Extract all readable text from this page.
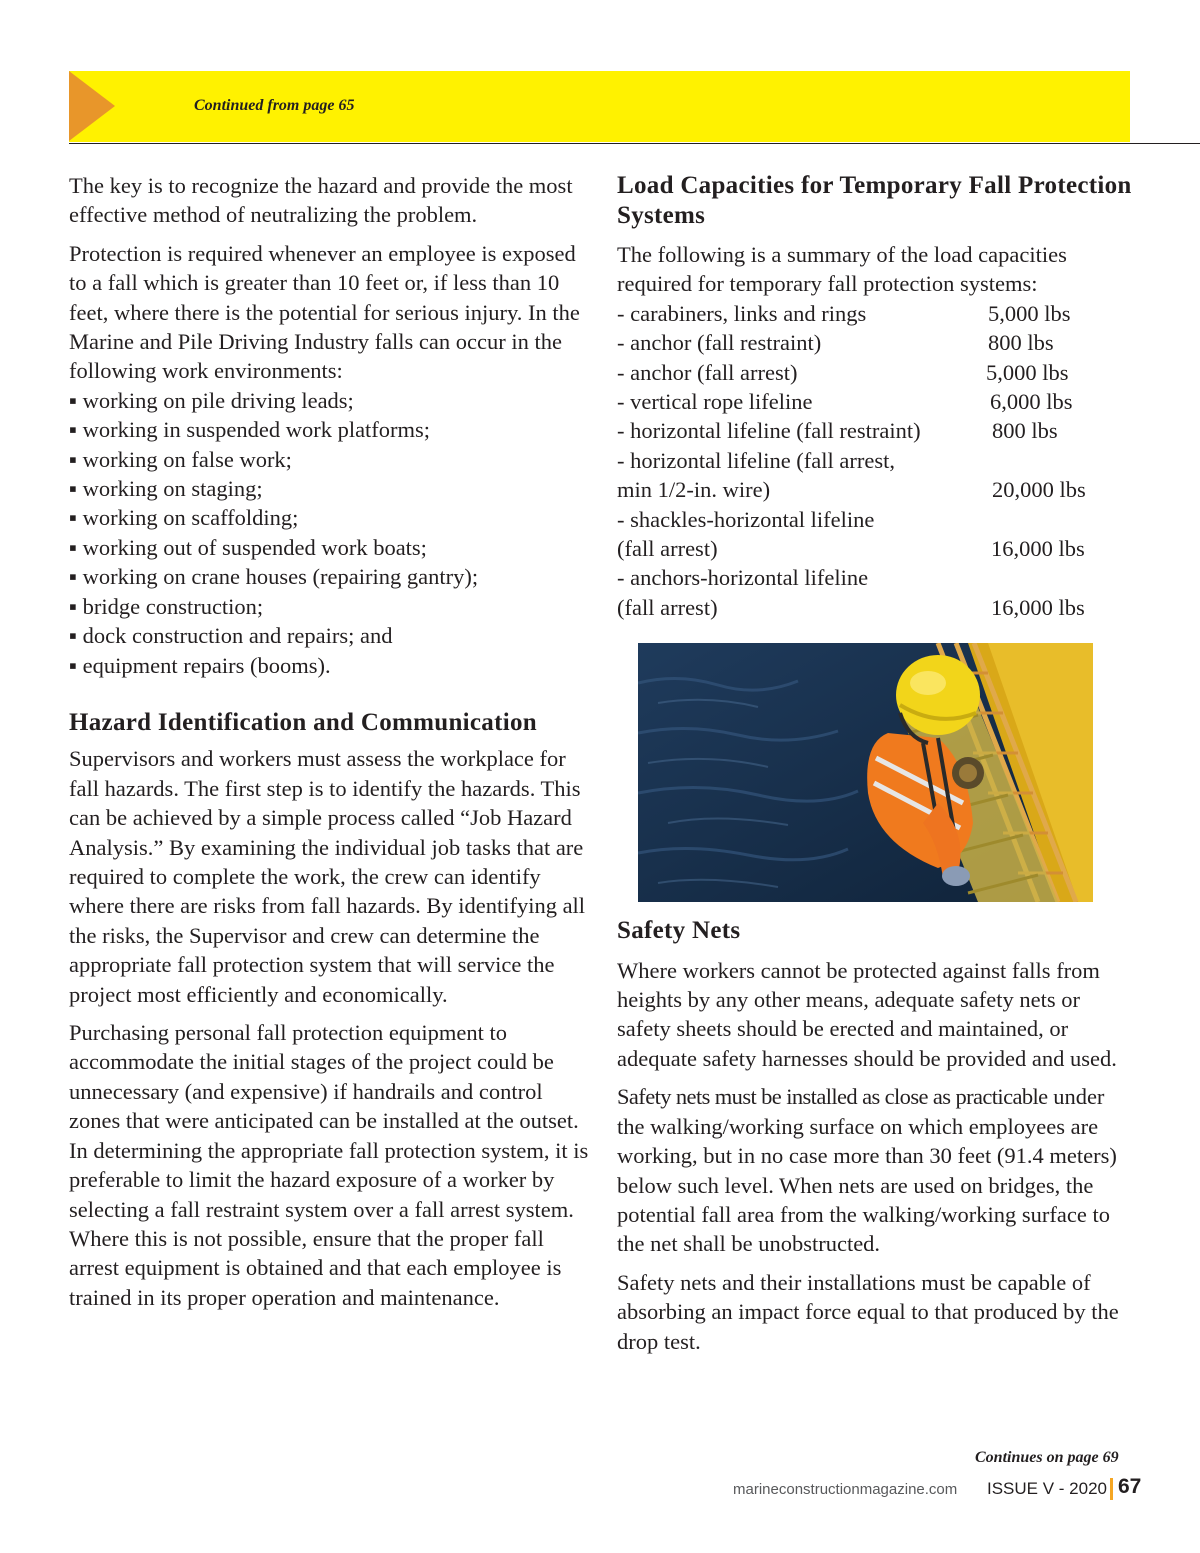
Continued from page 65

The key is to recognize the hazard and provide the most effective method of neutralizing the problem.

Protection is required whenever an employee is exposed to a fall which is greater than 10 feet or, if less than 10 feet, where there is the potential for serious injury. In the Marine and Pile Driving Industry falls can occur in the following work environments:

▪ working on pile driving leads;
▪ working in suspended work platforms;
▪ working on false work;
▪ working on staging;
▪ working on scaffolding;
▪ working out of suspended work boats;
▪ working on crane houses (repairing gantry);
▪ bridge construction;
▪ dock construction and repairs; and
▪ equipment repairs (booms).
Hazard Identification and Communication

Supervisors and workers must assess the workplace for fall hazards. The first step is to identify the hazards. This can be achieved by a simple process called “Job Hazard Analysis.” By examining the individual job tasks that are required to complete the work, the crew can identify where there are risks from fall hazards. By identifying all the risks, the Supervisor and crew can determine the appropriate fall protection system that will service the project most efficiently and economically.

Purchasing personal fall protection equipment to accommodate the initial stages of the project could be unnecessary (and expensive) if handrails and control zones that were anticipated can be installed at the outset. In determining the appropriate fall protection system, it is preferable to limit the hazard exposure of a worker by selecting a fall restraint system over a fall arrest system. Where this is not possible, ensure that the proper fall arrest equipment is obtained and that each employee is trained in its proper operation and maintenance.

Load Capacities for Temporary Fall Protection Systems

The following is a summary of the load capacities required for temporary fall protection systems:

- carabiners, links and rings	5,000 lbs
- anchor (fall restraint)	800 lbs
- anchor (fall arrest)	5,000 lbs
- vertical rope lifeline	6,000 lbs
- horizontal lifeline (fall restraint)	800 lbs
- horizontal lifeline (fall arrest,
min 1/2-in. wire)	20,000 lbs
- shackles-horizontal lifeline
(fall arrest)	16,000 lbs
- anchors-horizontal lifeline
(fall arrest)	16,000 lbs
Safety Nets

Where workers cannot be protected against falls from heights by any other means, adequate safety nets or safety sheets should be erected and maintained, or adequate safety harnesses should be provided and used.

Safety nets must be installed as close as practicable under the walking/working surface on which employees are working, but in no case more than 30 feet (91.4 meters) below such level. When nets are used on bridges, the potential fall area from the walking/working surface to the net shall be unobstructed.

Safety nets and their installations must be capable of absorbing an impact force equal to that produced by the drop test.

Continues on page 69
marineconstructionmagazine.com ISSUE V - 2020 67
